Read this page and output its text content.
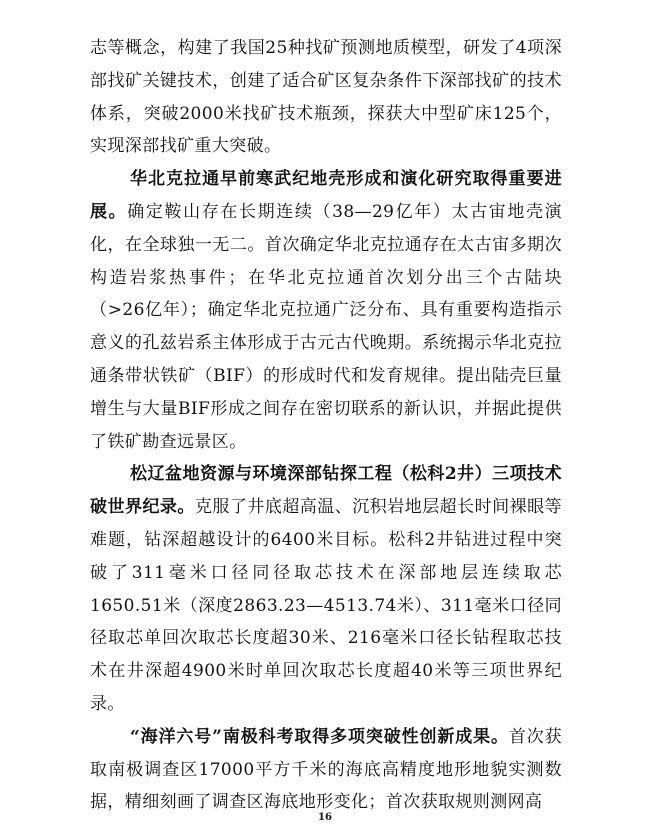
志等概念，构建了我国25种找矿预测地质模型，研发了4项深部找矿关键技术，创建了适合矿区复杂条件下深部找矿的技术体系，突破2000米找矿技术瓶颈，探获大中型矿床125个，实现深部找矿重大突破。

华北克拉通早前寒武纪地壳形成和演化研究取得重要进展。确定鞍山存在长期连续（38—29亿年）太古宙地壳演化，在全球独一无二。首次确定华北克拉通存在太古宙多期次构造岩浆热事件；在华北克拉通首次划分出三个古陆块（>26亿年）；确定华北克拉通广泛分布、具有重要构造指示意义的孔兹岩系主体形成于古元古代晚期。系统揭示华北克拉通条带状铁矿（BIF）的形成时代和发育规律。提出陆壳巨量增生与大量BIF形成之间存在密切联系的新认识，并据此提供了铁矿勘查远景区。

松辽盆地资源与环境深部钻探工程（松科2井）三项技术破世界纪录。克服了井底超高温、沉积岩地层超长时间裸眼等难题，钻深超越设计的6400米目标。松科2井钻进过程中突破了311毫米口径同径取芯技术在深部地层连续取芯1650.51米（深度2863.23—4513.74米）、311毫米口径同径取芯单回次取芯长度超30米、216毫米口径长钻程取芯技术在井深超4900米时单回次取芯长度超40米等三项世界纪录。

“海洋六号”南极科考取得多项突破性创新成果。首次获取南极调查区17000平方千米的海底高精度地形地貌实测数据，精细刻画了调查区海底地形变化；首次获取规则测网高

16
